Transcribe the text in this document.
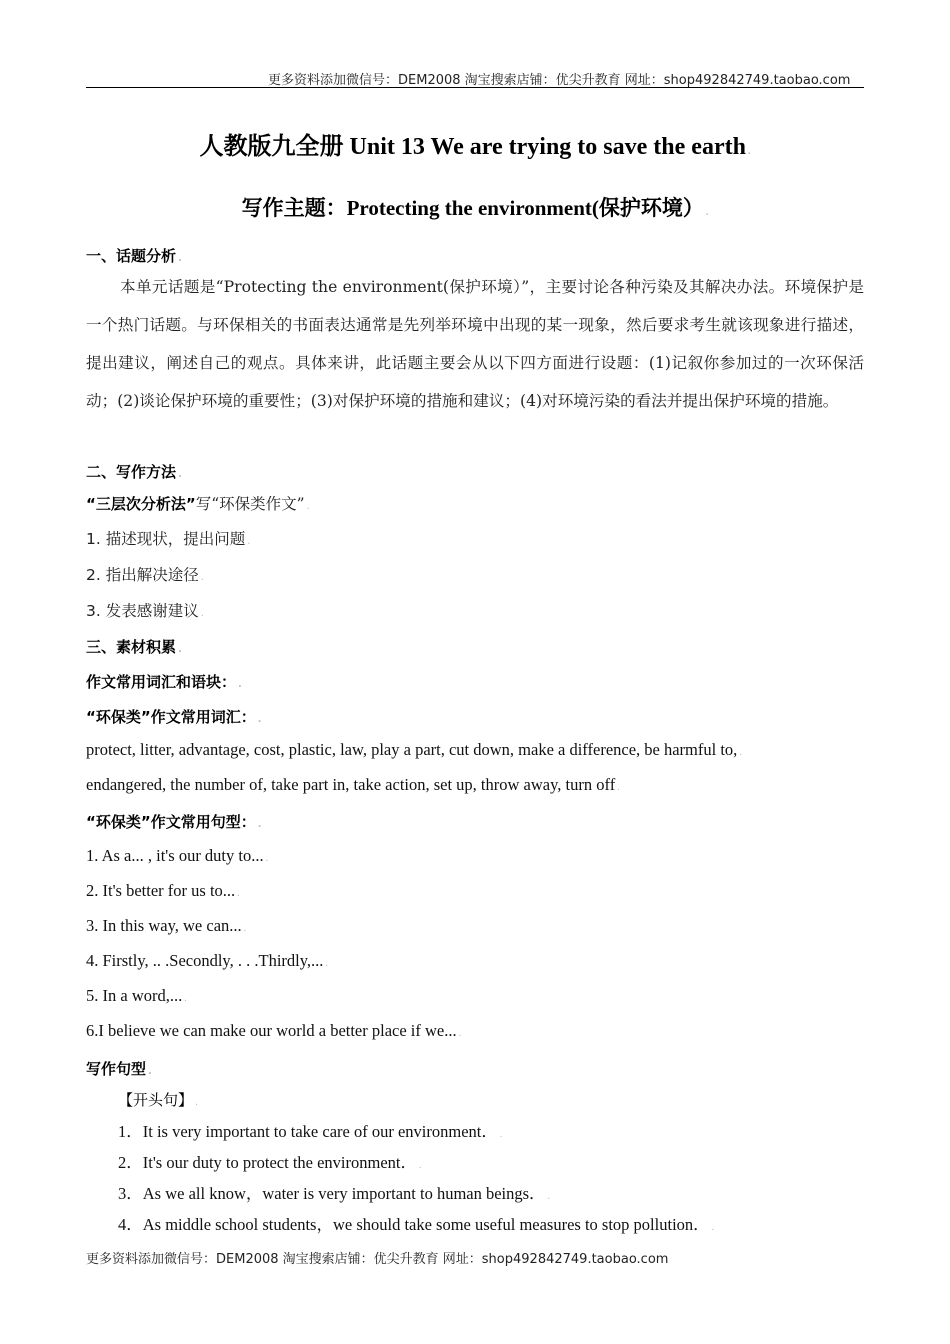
更多资料添加微信号：DEM2008 淘宝搜索店铺：优尖升教育 网址：shop492842749.taobao.com
人教版九全册 Unit 13 We are trying to save the earth .
写作主题：Protecting the environment(保护环境） .
一、话题分析 .
本单元话题是“Protecting the environment(保护环境）”，主要讨论各种污染及其解决办法。环境保护是一个热门话题。与环保相关的书面表达通常是先列举环境中出现的某一现象，然后要求考生就该现象进行描述，提出建议，阐述自己的观点。具体来讲，此话题主要会从以下四方面进行设题：(1)记叙你参加过的一次环保活动；(2)谈论保护环境的重要性；(3)对保护环境的措施和建议；(4)对环境污染的看法并提出保护环境的措施。
二、写作方法 .
“三层次分析法”写“环保类作文” .
1. 描述现状，提出问题 .
2. 指出解决途径 .
3. 发表感谢建议 .
三、素材积累 .
作文常用词汇和语块： .
“环保类”作文常用词汇： .
protect, litter, advantage, cost, plastic, law, play a part, cut down, make a difference, be harmful to, .
endangered, the number of, take part in, take action, set up, throw away, turn off .
“环保类”作文常用句型： .
1. As a... , it's our duty to... .
2. It's better for us to... .
3. In this way, we can... .
4. Firstly, .. .Secondly, . . .Thirdly,... .
5. In a word,... .
6.I believe we can make our world a better place if we... .
写作句型 .
【开头句】 .
1．It is very important to take care of our environment． .
2．It's our duty to protect the environment． .
3．As we all know，water is very important to human beings． .
4．As middle school students，we should take some useful measures to stop pollution． .
更多资料添加微信号：DEM2008 淘宝搜索店铺：优尖升教育 网址：shop492842749.taobao.com
